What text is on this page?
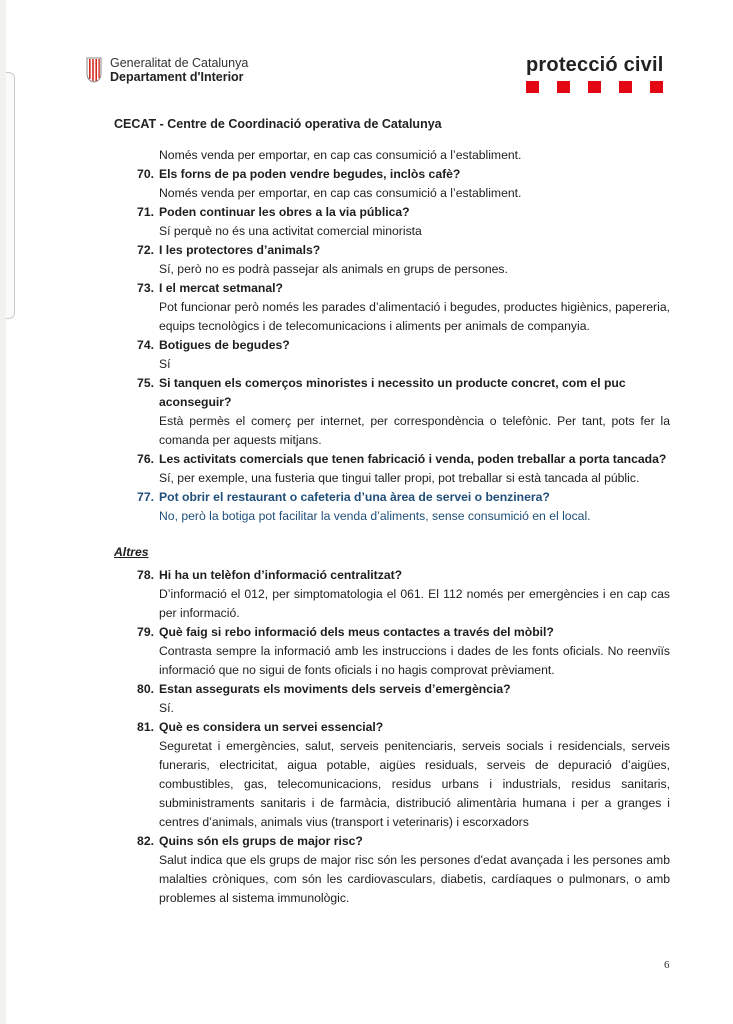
Generalitat de Catalunya
Departament d'Interior
protecció civil
CECAT - Centre de Coordinació operativa de Catalunya
Només venda per emportar, en cap cas consumició a l’establiment.
70. Els forns de pa poden vendre begudes, inclòs cafè?
Només venda per emportar, en cap cas consumició a l’establiment.
71. Poden continuar les obres a la via pública?
Sí perquè no és una activitat comercial minorista
72. I les protectores d’animals?
Sí, però no es podrà passejar als animals en grups de persones.
73. I el mercat setmanal?
Pot funcionar però només les parades d’alimentació i begudes, productes higiènics, papereria, equips tecnològics i de telecomunicacions i aliments per animals de companyia.
74. Botigues de begudes?
Sí
75. Si tanquen els comerços minoristes i necessito un producte concret, com el puc aconseguir?
Està permès el comerç per internet, per correspondència o telefònic. Per tant, pots fer la comanda per aquests mitjans.
76. Les activitats comercials que tenen fabricació i venda, poden treballar a porta tancada?
Sí, per exemple, una fusteria que tingui taller propi, pot treballar si està tancada al públic.
77. Pot obrir el restaurant o cafeteria d’una àrea de servei o benzinera?
No, però la botiga pot facilitar la venda d’aliments, sense consumició en el local.
Altres
78. Hi ha un telèfon d’informació centralitzat?
D’informació el 012, per simptomatologia el 061. El 112 només per emergències i en cap cas per informació.
79. Què faig si rebo informació dels meus contactes a través del mòbil?
Contrasta sempre la informació amb les instruccions i dades de les fonts oficials. No reenviïs informació que no sigui de fonts oficials i no hagis comprovat prèviament.
80. Estan assegurats els moviments dels serveis d’emergència?
Sí.
81. Què es considera un servei essencial?
Seguretat i emergències, salut, serveis penitenciaris, serveis socials i residencials, serveis funeraris, electricitat, aigua potable, aigües residuals, serveis de depuració d’aigües, combustibles, gas, telecomunicacions, residus urbans i industrials, residus sanitaris, subministraments sanitaris i de farmàcia, distribució alimentària humana i per a granges i centres d’animals, animals vius (transport i veterinaris) i escorxadors
82. Quins són els grups de major risc?
Salut indica que els grups de major risc són les persones d'edat avançada i les persones amb malalties cròniques, com són les cardiovasculars, diabetis, cardíaques o pulmonars, o amb problemes al sistema immunològic.
6
